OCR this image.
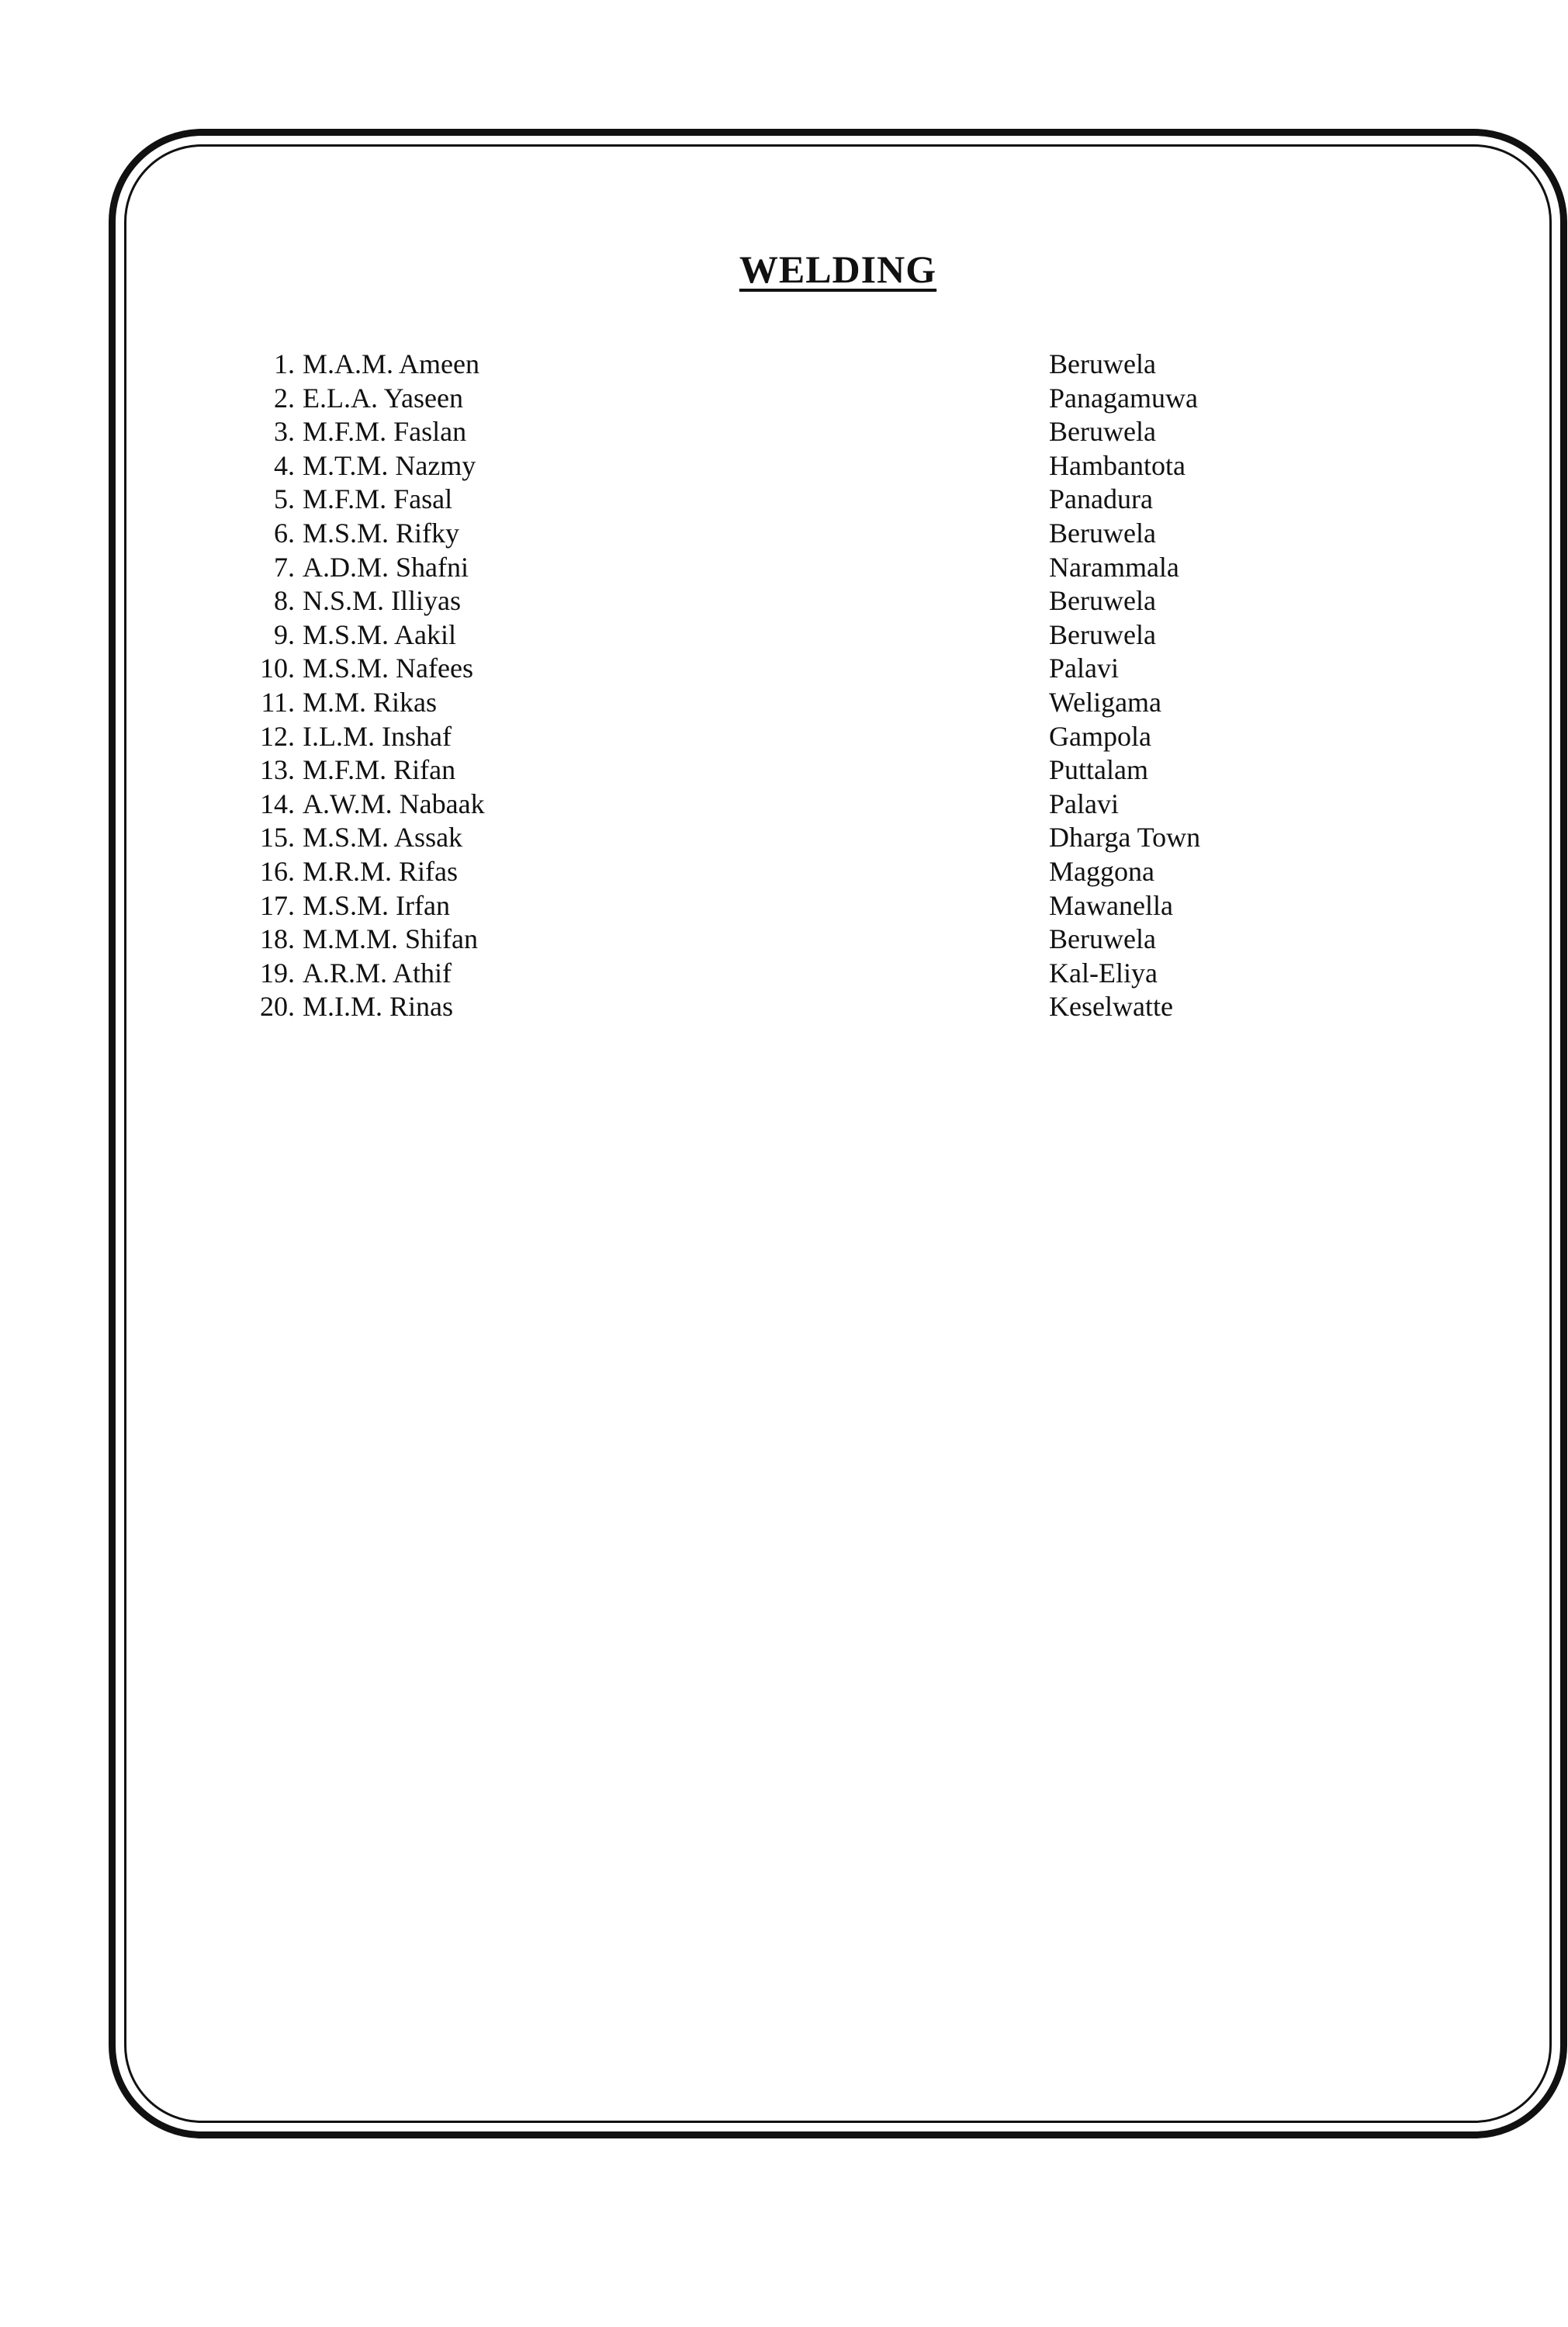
WELDING
1. M.A.M. Ameen	Beruwela
2. E.L.A. Yaseen	Panagamuwa
3. M.F.M. Faslan	Beruwela
4. M.T.M. Nazmy	Hambantota
5. M.F.M. Fasal	Panadura
6. M.S.M. Rifky	Beruwela
7. A.D.M. Shafni	Narammala
8. N.S.M. Illiyas	Beruwela
9. M.S.M. Aakil	Beruwela
10. M.S.M. Nafees	Palavi
11. M.M. Rikas	Weligama
12. I.L.M. Inshaf	Gampola
13. M.F.M. Rifan	Puttalam
14. A.W.M. Nabaak	Palavi
15. M.S.M. Assak	Dharga Town
16. M.R.M. Rifas	Maggona
17. M.S.M. Irfan	Mawanella
18. M.M.M. Shifan	Beruwela
19. A.R.M. Athif	Kal-Eliya
20. M.I.M. Rinas	Keselwatte
